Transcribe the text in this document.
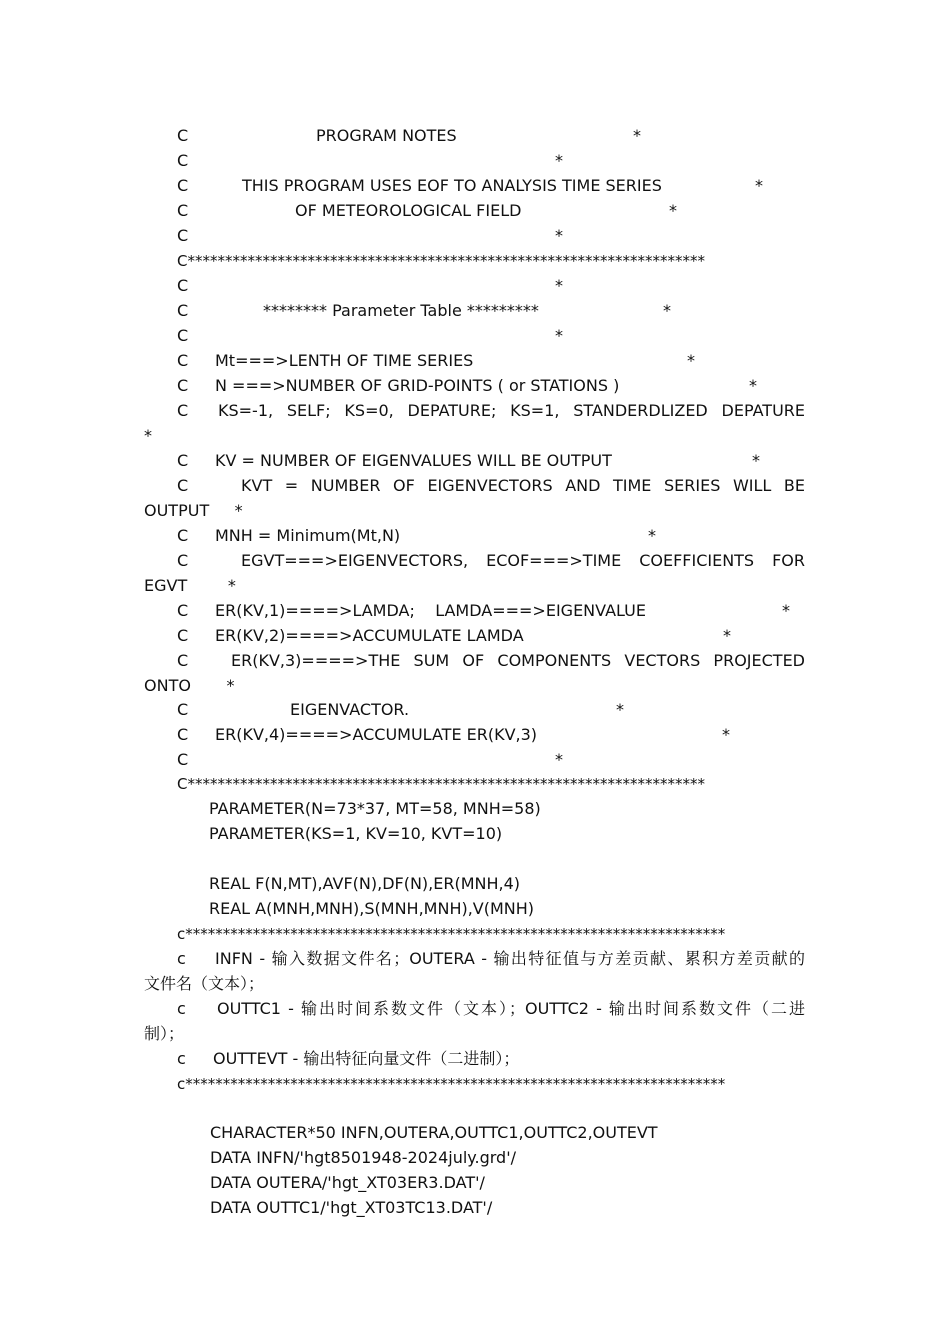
C	PROGRAM NOTES	*
C	*
C	THIS PROGRAM USES EOF TO ANALYSIS TIME SERIES	*
C	OF METEOROLOGICAL FIELD	*
C	*
C*********************************************************************
C	*
C	******** Parameter Table *********	*
C	*
C Mt===>LENTH OF TIME SERIES	*
C N ===>NUMBER OF GRID-POINTS ( or STATIONS )	*
C KS=-1, SELF; KS=0, DEPATURE; KS=1, STANDERDLIZED DEPATURE
*
C KV = NUMBER OF EIGENVALUES WILL BE OUTPUT	*
C	KVT = NUMBER OF EIGENVECTORS AND TIME SERIES WILL BE
OUTPUT     *
C MNH = Minimum(Mt,N)	*
C	EGVT===>EIGENVECTORS, ECOF===>TIME COEFFICIENTS FOR
EGVT        *
C ER(KV,1)====>LAMDA;    LAMDA===>EIGENVALUE	*
C ER(KV,2)====>ACCUMULATE LAMDA	*
C	ER(KV,3)====>THE SUM OF COMPONENTS VECTORS PROJECTED
ONTO       *
C	EIGENVACTOR.	*
C ER(KV,4)====>ACCUMULATE ER(KV,3)	*
C	*
C*********************************************************************
PARAMETER(N=73*37, MT=58, MNH=58)
PARAMETER(KS=1, KV=10, KVT=10)
REAL F(N,MT),AVF(N),DF(N),ER(MNH,4)
REAL A(MNH,MNH),S(MNH,MNH),V(MNH)
c************************************************************************
c INFN - 输入数据文件名；OUTERA - 输出特征值与方差贡献、累积方差贡献的
文件名（文本）；
c OUTTC1 - 输出时间系数文件（文本）；OUTTC2 - 输出时间系数文件（二进
制）；
c OUTTEVT - 输出特征向量文件（二进制）；
c************************************************************************
CHARACTER*50 INFN,OUTERA,OUTTC1,OUTTC2,OUTEVT
DATA INFN/'hgt8501948-2024july.grd'/
DATA OUTERA/'hgt_XT03ER3.DAT'/
DATA OUTTC1/'hgt_XT03TC13.DAT'/
